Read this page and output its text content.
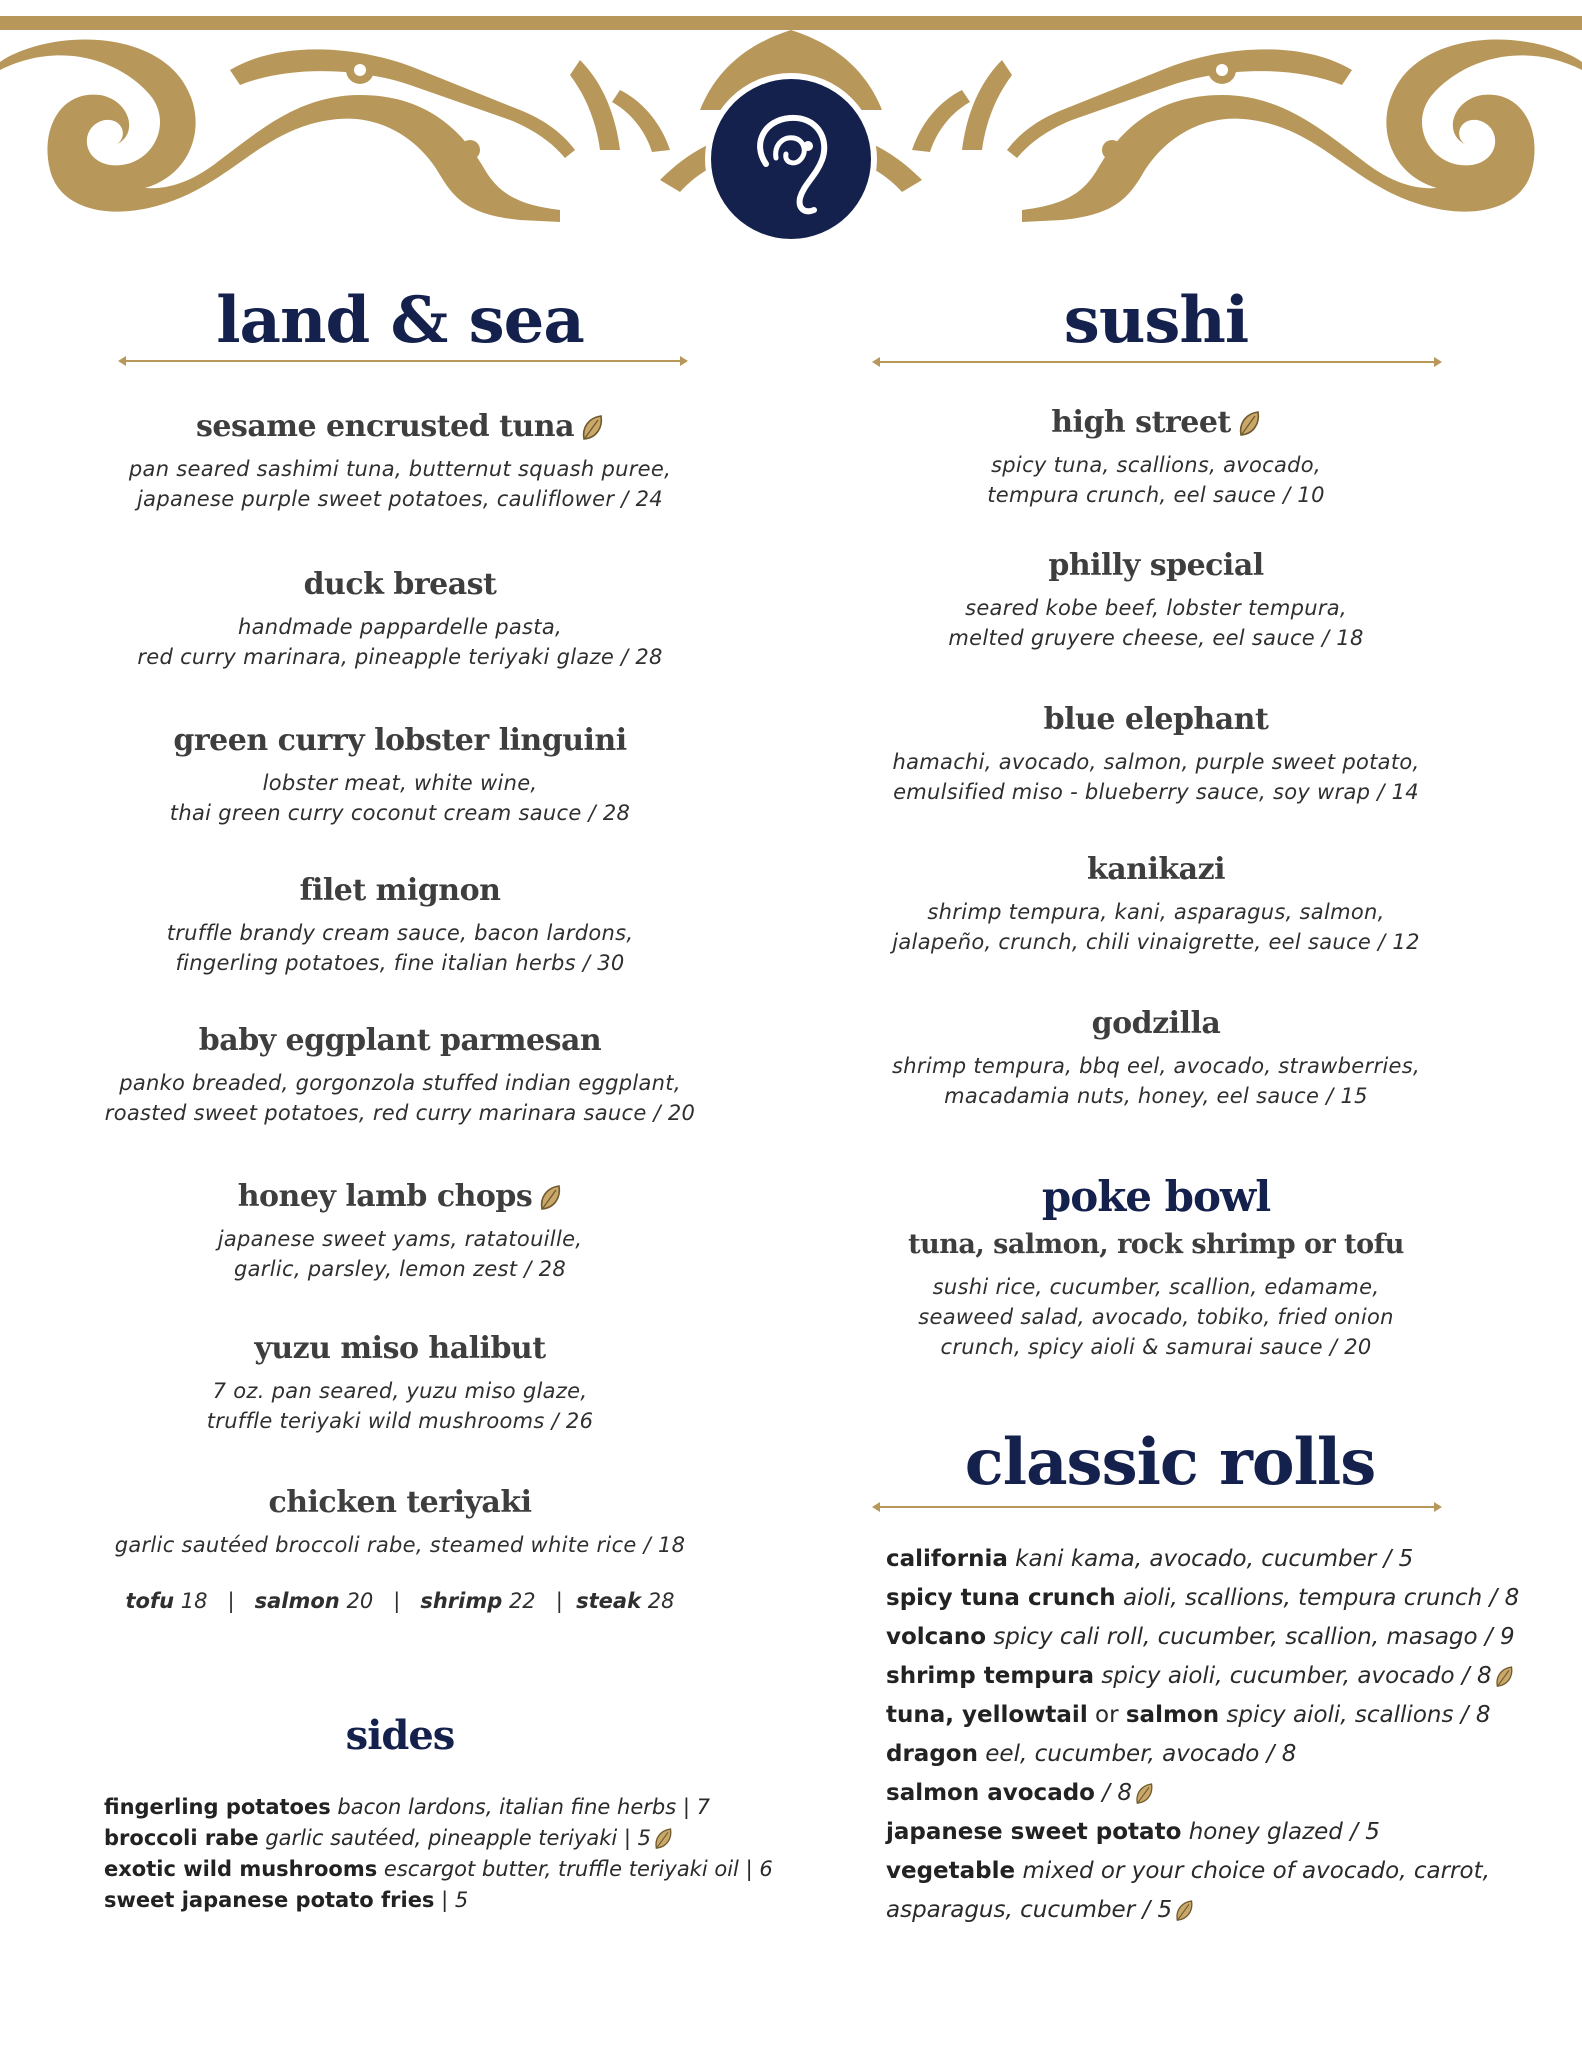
land & sea
sesame encrusted tuna
pan seared sashimi tuna, butternut squash puree,
japanese purple sweet potatoes, cauliflower / 24
duck breast
handmade pappardelle pasta,
red curry marinara, pineapple teriyaki glaze / 28
green curry lobster linguini
lobster meat, white wine,
thai green curry coconut cream sauce / 28
filet mignon
truffle brandy cream sauce, bacon lardons,
fingerling potatoes, fine italian herbs / 30
baby eggplant parmesan
panko breaded, gorgonzola stuffed indian eggplant,
roasted sweet potatoes, red curry marinara sauce / 20
honey lamb chops
japanese sweet yams, ratatouille,
garlic, parsley, lemon zest / 28
yuzu miso halibut
7 oz. pan seared, yuzu miso glaze,
truffle teriyaki wild mushrooms / 26
chicken teriyaki
garlic sautéed broccoli rabe, steamed white rice / 18
tofu 18 | salmon 20 | shrimp 22 | steak 28
sides
fingerling potatoes bacon lardons, italian fine herbs | 7
broccoli rabe garlic sautéed, pineapple teriyaki | 5
exotic wild mushrooms escargot butter, truffle teriyaki oil | 6
sweet japanese potato fries | 5
sushi
high street
spicy tuna, scallions, avocado,
tempura crunch, eel sauce / 10
philly special
seared kobe beef, lobster tempura,
melted gruyere cheese, eel sauce / 18
blue elephant
hamachi, avocado, salmon, purple sweet potato,
emulsified miso - blueberry sauce, soy wrap / 14
kanikazi
shrimp tempura, kani, asparagus, salmon,
jalapeño, crunch, chili vinaigrette, eel sauce / 12
godzilla
shrimp tempura, bbq eel, avocado, strawberries,
macadamia nuts, honey, eel sauce / 15
poke bowl
tuna, salmon, rock shrimp or tofu
sushi rice, cucumber, scallion, edamame,
seaweed salad, avocado, tobiko, fried onion
crunch, spicy aioli & samurai sauce / 20
classic rolls
california kani kama, avocado, cucumber / 5
spicy tuna crunch aioli, scallions, tempura crunch / 8
volcano spicy cali roll, cucumber, scallion, masago / 9
shrimp tempura spicy aioli, cucumber, avocado / 8
tuna, yellowtail or salmon spicy aioli, scallions / 8
dragon eel, cucumber, avocado / 8
salmon avocado / 8
japanese sweet potato honey glazed / 5
vegetable mixed or your choice of avocado, carrot,
asparagus, cucumber / 5
